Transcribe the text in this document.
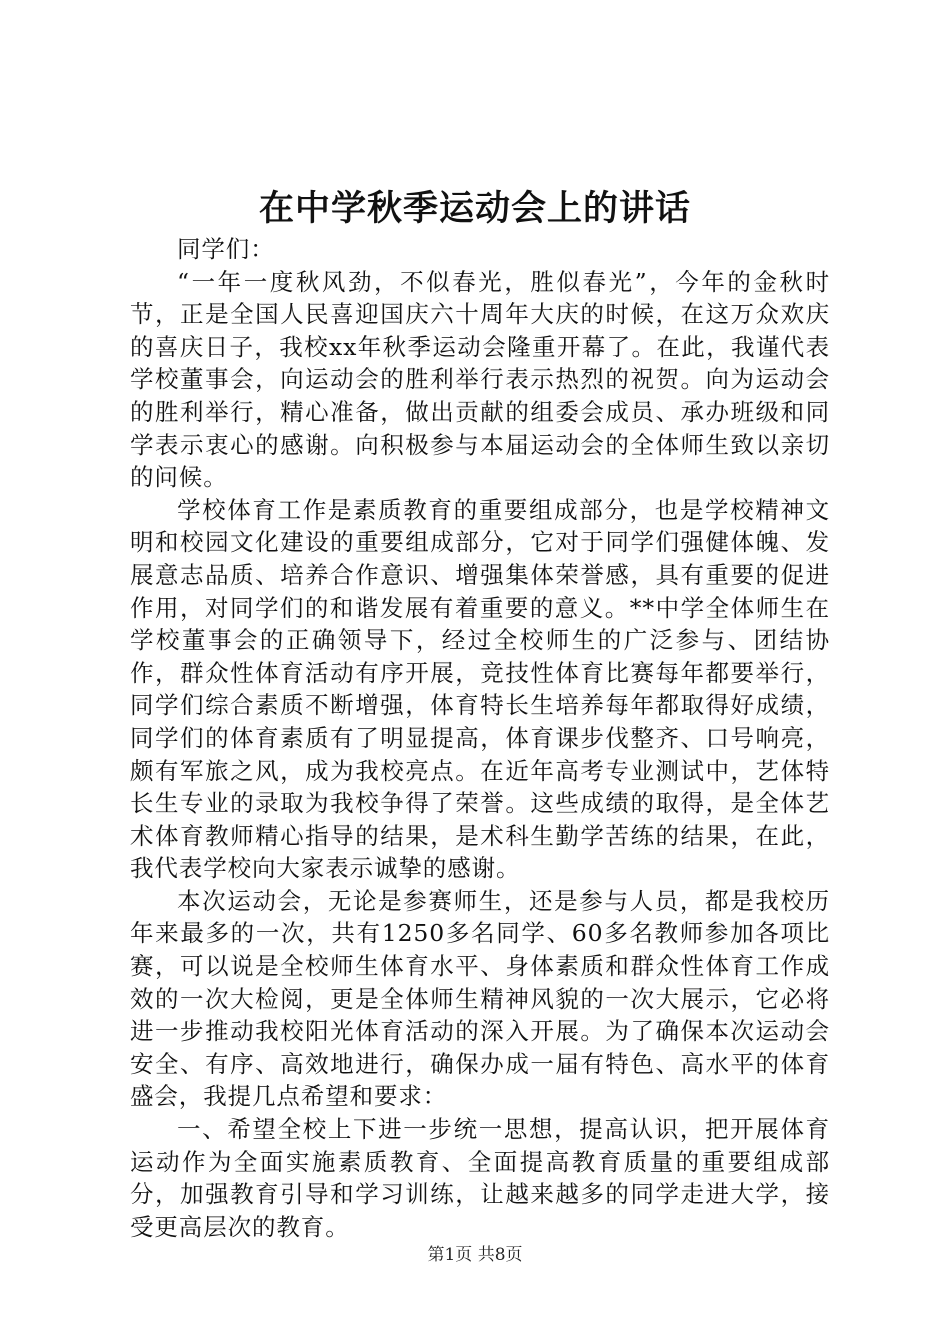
在中学秋季运动会上的讲话

同学们：

“一年一度秋风劲，不似春光，胜似春光”，今年的金秋时节，正是全国人民喜迎国庆六十周年大庆的时候，在这万众欢庆的喜庆日子，我校xx年秋季运动会隆重开幕了。在此，我谨代表学校董事会，向运动会的胜利举行表示热烈的祝贺。向为运动会的胜利举行，精心准备，做出贡献的组委会成员、承办班级和同学表示衷心的感谢。向积极参与本届运动会的全体师生致以亲切的问候。

学校体育工作是素质教育的重要组成部分，也是学校精神文明和校园文化建设的重要组成部分，它对于同学们强健体魄、发展意志品质、培养合作意识、增强集体荣誉感，具有重要的促进作用，对同学们的和谐发展有着重要的意义。**中学全体师生在学校董事会的正确领导下，经过全校师生的广泛参与、团结协作，群众性体育活动有序开展，竞技性体育比赛每年都要举行，同学们综合素质不断增强，体育特长生培养每年都取得好成绩，同学们的体育素质有了明显提高，体育课步伐整齐、口号响亮，颇有军旅之风，成为我校亮点。在近年高考专业测试中，艺体特长生专业的录取为我校争得了荣誉。这些成绩的取得，是全体艺术体育教师精心指导的结果，是术科生勤学苦练的结果，在此，我代表学校向大家表示诚挚的感谢。

本次运动会，无论是参赛师生，还是参与人员，都是我校历年来最多的一次，共有1250多名同学、60多名教师参加各项比赛，可以说是全校师生体育水平、身体素质和群众性体育工作成效的一次大检阅，更是全体师生精神风貌的一次大展示，它必将进一步推动我校阳光体育活动的深入开展。为了确保本次运动会安全、有序、高效地进行，确保办成一届有特色、高水平的体育盛会，我提几点希望和要求：

一、希望全校上下进一步统一思想，提高认识，把开展体育运动作为全面实施素质教育、全面提高教育质量的重要组成部分，加强教育引导和学习训练，让越来越多的同学走进大学，接受更高层次的教育。

第1页 共8页
